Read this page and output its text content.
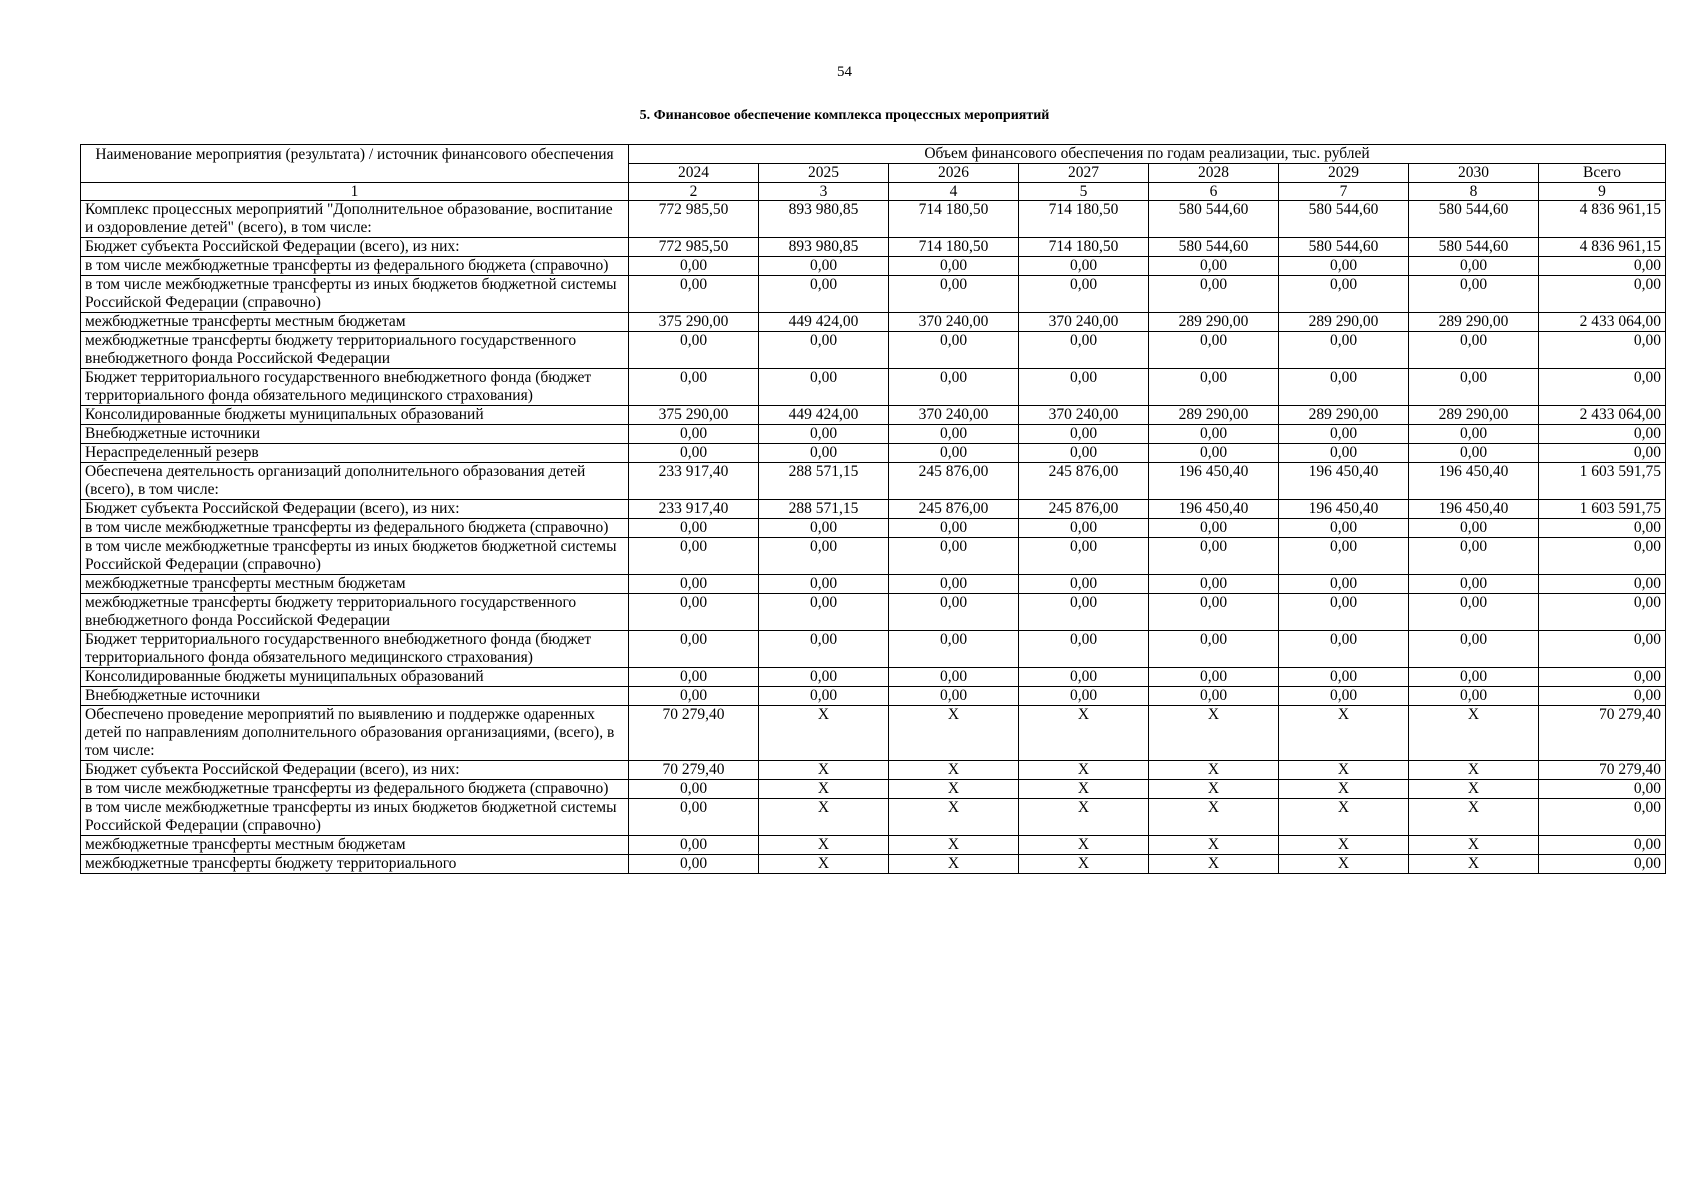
54
5. Финансовое обеспечение комплекса процессных мероприятий
Наименование мероприятия (результата) / источник финансового обеспечения	Объем финансового обеспечения по годам реализации, тыс. рублей							
	2024	2025	2026	2027	2028	2029	2030	Всего
1	2	3	4	5	6	7	8	9
Комплекс процессных мероприятий "Дополнительное образование, воспитание и оздоровление детей" (всего), в том числе:	772 985,50	893 980,85	714 180,50	714 180,50	580 544,60	580 544,60	580 544,60	4 836 961,15
Бюджет субъекта Российской Федерации (всего), из них:	772 985,50	893 980,85	714 180,50	714 180,50	580 544,60	580 544,60	580 544,60	4 836 961,15
в том числе межбюджетные трансферты из федерального бюджета (справочно)	0,00	0,00	0,00	0,00	0,00	0,00	0,00	0,00
в том числе межбюджетные трансферты из иных бюджетов бюджетной системы Российской Федерации (справочно)	0,00	0,00	0,00	0,00	0,00	0,00	0,00	0,00
межбюджетные трансферты местным бюджетам	375 290,00	449 424,00	370 240,00	370 240,00	289 290,00	289 290,00	289 290,00	2 433 064,00
межбюджетные трансферты бюджету территориального государственного внебюджетного фонда Российской Федерации	0,00	0,00	0,00	0,00	0,00	0,00	0,00	0,00
Бюджет территориального государственного внебюджетного фонда (бюджет территориального фонда обязательного медицинского страхования)	0,00	0,00	0,00	0,00	0,00	0,00	0,00	0,00
Консолидированные бюджеты муниципальных образований	375 290,00	449 424,00	370 240,00	370 240,00	289 290,00	289 290,00	289 290,00	2 433 064,00
Внебюджетные источники	0,00	0,00	0,00	0,00	0,00	0,00	0,00	0,00
Нераспределенный резерв	0,00	0,00	0,00	0,00	0,00	0,00	0,00	0,00
Обеспечена деятельность организаций дополнительного образования детей (всего), в том числе:	233 917,40	288 571,15	245 876,00	245 876,00	196 450,40	196 450,40	196 450,40	1 603 591,75
Бюджет субъекта Российской Федерации (всего), из них:	233 917,40	288 571,15	245 876,00	245 876,00	196 450,40	196 450,40	196 450,40	1 603 591,75
в том числе межбюджетные трансферты из федерального бюджета (справочно)	0,00	0,00	0,00	0,00	0,00	0,00	0,00	0,00
в том числе межбюджетные трансферты из иных бюджетов бюджетной системы Российской Федерации (справочно)	0,00	0,00	0,00	0,00	0,00	0,00	0,00	0,00
межбюджетные трансферты местным бюджетам	0,00	0,00	0,00	0,00	0,00	0,00	0,00	0,00
межбюджетные трансферты бюджету территориального государственного внебюджетного фонда Российской Федерации	0,00	0,00	0,00	0,00	0,00	0,00	0,00	0,00
Бюджет территориального государственного внебюджетного фонда (бюджет территориального фонда обязательного медицинского страхования)	0,00	0,00	0,00	0,00	0,00	0,00	0,00	0,00
Консолидированные бюджеты муниципальных образований	0,00	0,00	0,00	0,00	0,00	0,00	0,00	0,00
Внебюджетные источники	0,00	0,00	0,00	0,00	0,00	0,00	0,00	0,00
Обеспечено проведение мероприятий по выявлению и поддержке одаренных детей по направлениям дополнительного образования организациями, (всего), в том числе:	70 279,40	X	X	X	X	X	X	70 279,40
Бюджет субъекта Российской Федерации (всего), из них:	70 279,40	X	X	X	X	X	X	70 279,40
в том числе межбюджетные трансферты из федерального бюджета (справочно)	0,00	X	X	X	X	X	X	0,00
в том числе межбюджетные трансферты из иных бюджетов бюджетной системы Российской Федерации (справочно)	0,00	X	X	X	X	X	X	0,00
межбюджетные трансферты местным бюджетам	0,00	X	X	X	X	X	X	0,00
межбюджетные трансферты бюджету территориального	0,00	X	X	X	X	X	X	0,00
